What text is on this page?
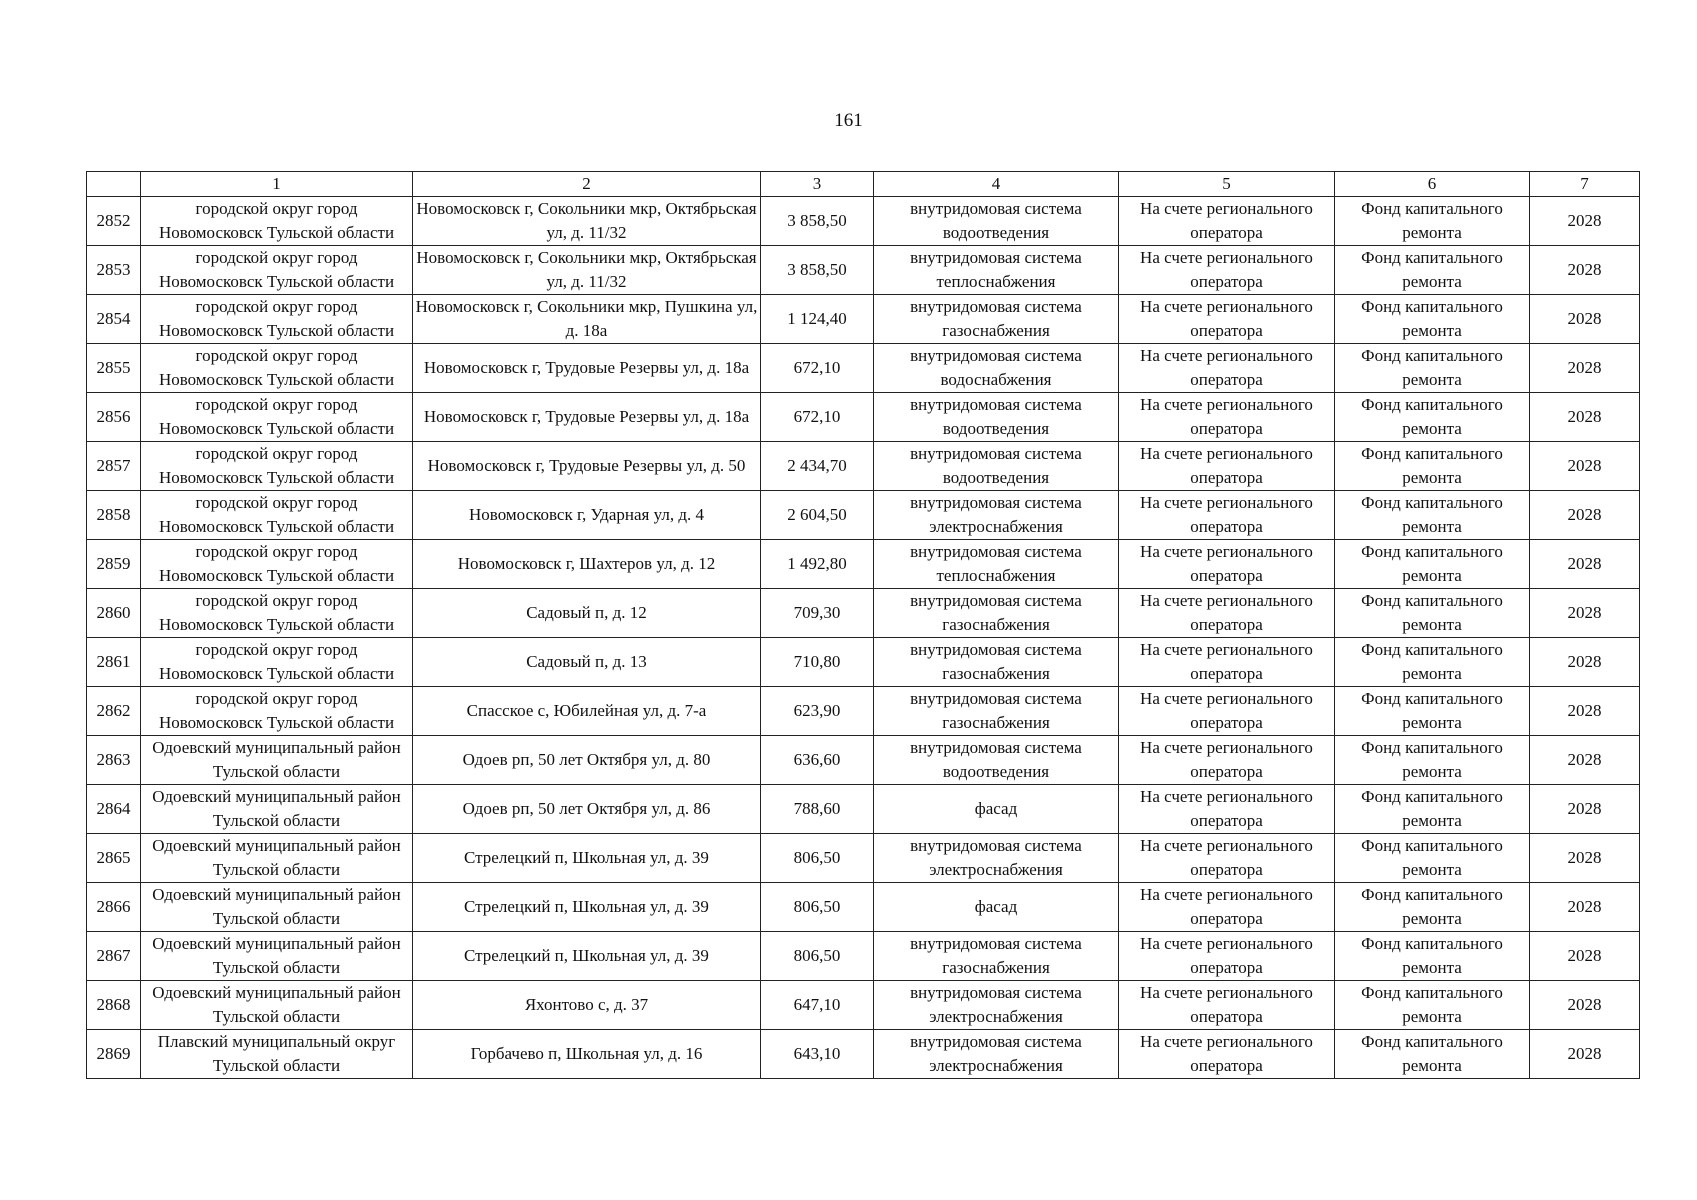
161
	1	2	3	4	5	6	7
2852	городской округ город Новомосковск Тульской области	Новомосковск г, Сокольники мкр, Октябрьская ул, д. 11/32	3 858,50	внутридомовая система водоотведения	На счете регионального оператора	Фонд капитального ремонта	2028
2853	городской округ город Новомосковск Тульской области	Новомосковск г, Сокольники мкр, Октябрьская ул, д. 11/32	3 858,50	внутридомовая система теплоснабжения	На счете регионального оператора	Фонд капитального ремонта	2028
2854	городской округ город Новомосковск Тульской области	Новомосковск г, Сокольники мкр, Пушкина ул, д. 18а	1 124,40	внутридомовая система газоснабжения	На счете регионального оператора	Фонд капитального ремонта	2028
2855	городской округ город Новомосковск Тульской области	Новомосковск г, Трудовые Резервы ул, д. 18а	672,10	внутридомовая система водоснабжения	На счете регионального оператора	Фонд капитального ремонта	2028
2856	городской округ город Новомосковск Тульской области	Новомосковск г, Трудовые Резервы ул, д. 18а	672,10	внутридомовая система водоотведения	На счете регионального оператора	Фонд капитального ремонта	2028
2857	городской округ город Новомосковск Тульской области	Новомосковск г, Трудовые Резервы ул, д. 50	2 434,70	внутридомовая система водоотведения	На счете регионального оператора	Фонд капитального ремонта	2028
2858	городской округ город Новомосковск Тульской области	Новомосковск г, Ударная ул, д. 4	2 604,50	внутридомовая система электроснабжения	На счете регионального оператора	Фонд капитального ремонта	2028
2859	городской округ город Новомосковск Тульской области	Новомосковск г, Шахтеров ул, д. 12	1 492,80	внутридомовая система теплоснабжения	На счете регионального оператора	Фонд капитального ремонта	2028
2860	городской округ город Новомосковск Тульской области	Садовый п, д. 12	709,30	внутридомовая система газоснабжения	На счете регионального оператора	Фонд капитального ремонта	2028
2861	городской округ город Новомосковск Тульской области	Садовый п, д. 13	710,80	внутридомовая система газоснабжения	На счете регионального оператора	Фонд капитального ремонта	2028
2862	городской округ город Новомосковск Тульской области	Спасское с, Юбилейная ул, д. 7-а	623,90	внутридомовая система газоснабжения	На счете регионального оператора	Фонд капитального ремонта	2028
2863	Одоевский муниципальный район Тульской области	Одоев рп, 50 лет Октября ул, д. 80	636,60	внутридомовая система водоотведения	На счете регионального оператора	Фонд капитального ремонта	2028
2864	Одоевский муниципальный район Тульской области	Одоев рп, 50 лет Октября ул, д. 86	788,60	фасад	На счете регионального оператора	Фонд капитального ремонта	2028
2865	Одоевский муниципальный район Тульской области	Стрелецкий п, Школьная ул, д. 39	806,50	внутридомовая система электроснабжения	На счете регионального оператора	Фонд капитального ремонта	2028
2866	Одоевский муниципальный район Тульской области	Стрелецкий п, Школьная ул, д. 39	806,50	фасад	На счете регионального оператора	Фонд капитального ремонта	2028
2867	Одоевский муниципальный район Тульской области	Стрелецкий п, Школьная ул, д. 39	806,50	внутридомовая система газоснабжения	На счете регионального оператора	Фонд капитального ремонта	2028
2868	Одоевский муниципальный район Тульской области	Яхонтово с, д. 37	647,10	внутридомовая система электроснабжения	На счете регионального оператора	Фонд капитального ремонта	2028
2869	Плавский муниципальный округ Тульской области	Горбачево п, Школьная ул, д. 16	643,10	внутридомовая система электроснабжения	На счете регионального оператора	Фонд капитального ремонта	2028
